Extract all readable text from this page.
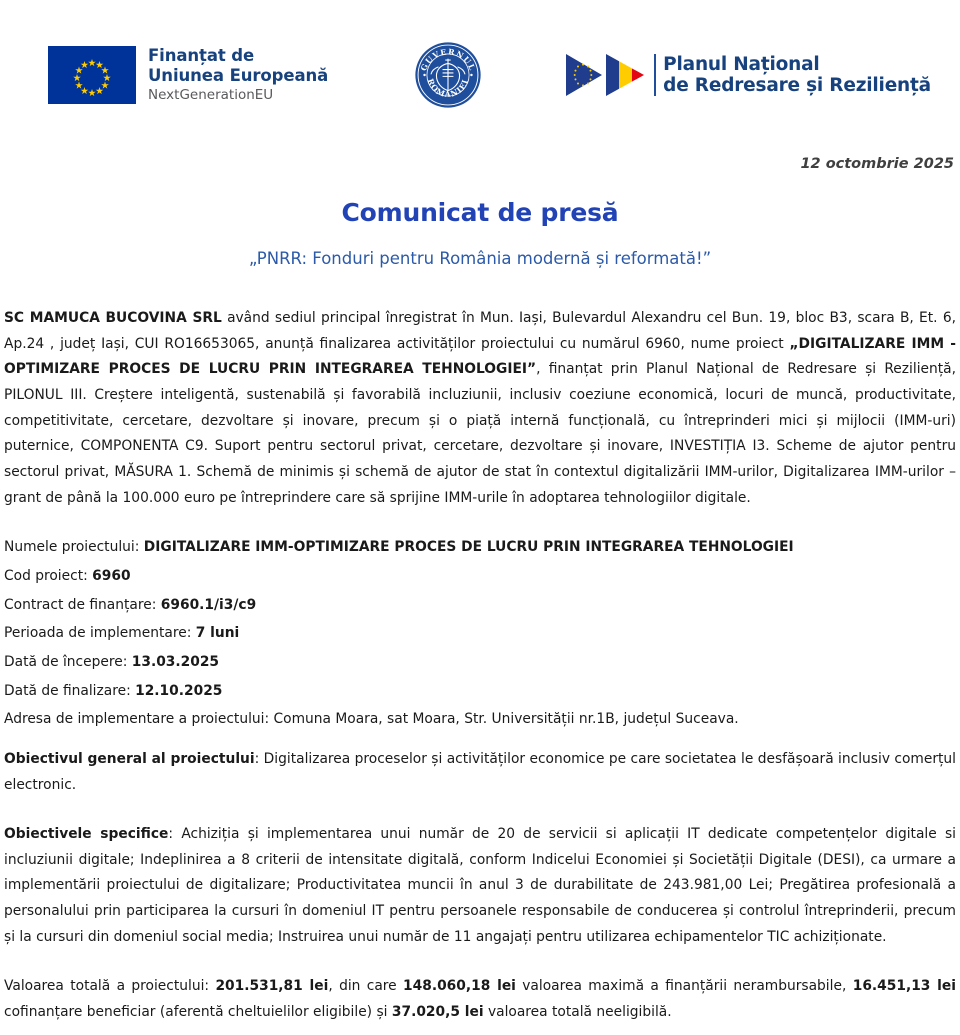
Finanțat de
Uniunea Europeană
NextGenerationEU
GUVERNUL
ROMANIEI
Planul Național
de Redresare și Reziliență
12 octombrie 2025
Comunicat de presă
„PNRR: Fonduri pentru România modernă și reformată!”

SC MAMUCA BUCOVINA SRL având sediul principal înregistrat în Mun. Iași, Bulevardul Alexandru cel Bun. 19, bloc B3, scara B, Et. 6, Ap.24 , județ Iași, CUI RO16653065, anunță finalizarea activităților proiectului cu numărul 6960, nume proiect „DIGITALIZARE IMM - OPTIMIZARE PROCES DE LUCRU PRIN INTEGRAREA TEHNOLOGIEI”, finanțat prin Planul Național de Redresare și Reziliență, PILONUL III. Creștere inteligentă, sustenabilă și favorabilă incluziunii, inclusiv coeziune economică, locuri de muncă, productivitate, competitivitate, cercetare, dezvoltare și inovare, precum și o piață internă funcțională, cu întreprinderi mici și mijlocii (IMM-uri) puternice, COMPONENTA C9. Suport pentru sectorul privat, cercetare, dezvoltare și inovare, INVESTIȚIA I3. Scheme de ajutor pentru sectorul privat, MĂSURA 1. Schemă de minimis și schemă de ajutor de stat în contextul digitalizării IMM-urilor, Digitalizarea IMM-urilor – grant de până la 100.000 euro pe întreprindere care să sprijine IMM-urile în adoptarea tehnologiilor digitale.

Numele proiectului: DIGITALIZARE IMM-OPTIMIZARE PROCES DE LUCRU PRIN INTEGRAREA TEHNOLOGIEI
Cod proiect: 6960
Contract de finanțare: 6960.1/i3/c9
Perioada de implementare: 7 luni
Dată de începere: 13.03.2025
Dată de finalizare: 12.10.2025
Adresa de implementare a proiectului: Comuna Moara, sat Moara, Str. Universității nr.1B, județul Suceava.

Obiectivul general al proiectului: Digitalizarea proceselor și activităților economice pe care societatea le desfășoară inclusiv comerțul electronic.

Obiectivele specifice: Achiziția și implementarea unui număr de 20 de servicii si aplicații IT dedicate competențelor digitale si incluziunii digitale; Indeplinirea a 8 criterii de intensitate digitală, conform Indicelui Economiei și Societății Digitale (DESI), ca urmare a implementării proiectului de digitalizare; Productivitatea muncii în anul 3 de durabilitate de 243.981,00 Lei; Pregătirea profesională a personalului prin participarea la cursuri în domeniul IT pentru persoanele responsabile de conducerea și controlul întreprinderii, precum și la cursuri din domeniul social media; Instruirea unui număr de 11 angajați pentru utilizarea echipamentelor TIC achiziționate.

Valoarea totală a proiectului: 201.531,81 lei, din care 148.060,18 lei valoarea maximă a finanțării nerambursabile, 16.451,13 lei cofinanțare beneficiar (aferentă cheltuielilor eligibile) și 37.020,5 lei valoarea totală neeligibilă.
